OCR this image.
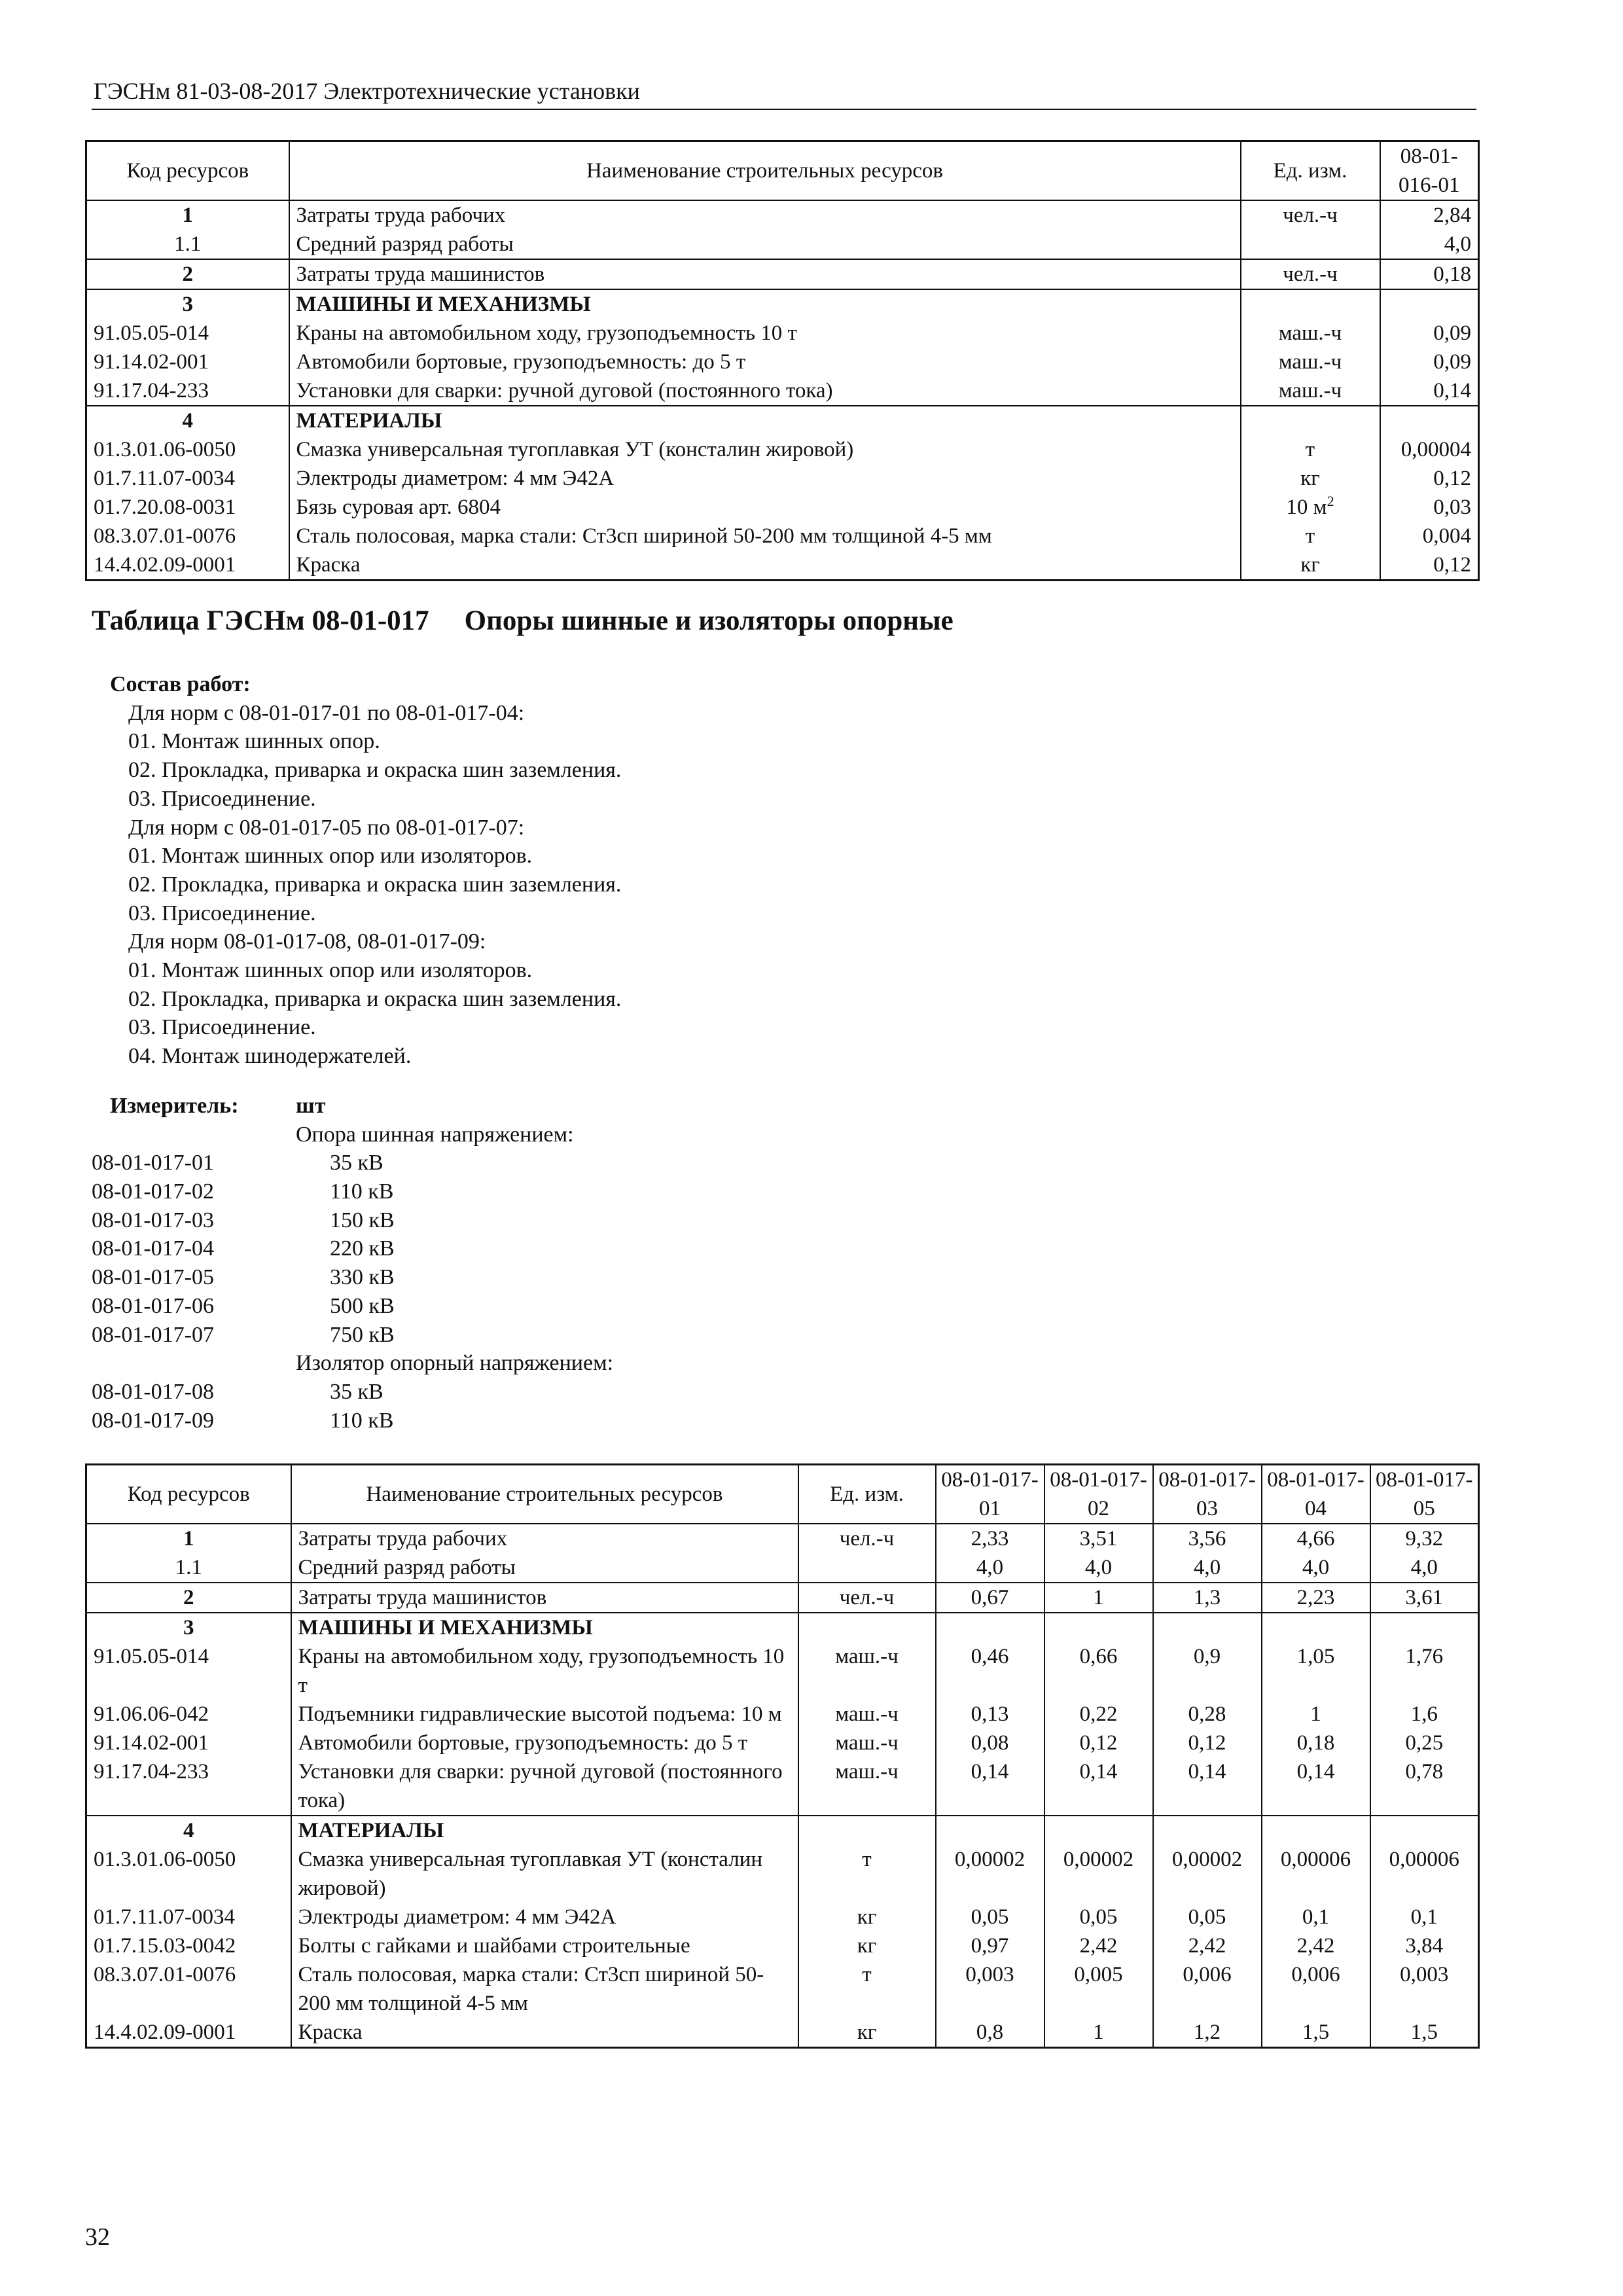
ГЭСНм 81-03-08-2017 Электротехнические установки
Код ресурсов	Наименование строительных ресурсов	Ед. изм.	08-01-016-01
1	Затраты труда рабочих	чел.-ч	2,84
1.1	Средний разряд работы		4,0
2	Затраты труда машинистов	чел.-ч	0,18
3	МАШИНЫ И МЕХАНИЗМЫ		
91.05.05-014	Краны на автомобильном ходу, грузоподъемность 10 т	маш.-ч	0,09
91.14.02-001	Автомобили бортовые, грузоподъемность: до 5 т	маш.-ч	0,09
91.17.04-233	Установки для сварки: ручной дуговой (постоянного тока)	маш.-ч	0,14
4	МАТЕРИАЛЫ		
01.3.01.06-0050	Смазка универсальная тугоплавкая УТ (консталин жировой)	т	0,00004
01.7.11.07-0034	Электроды диаметром: 4 мм Э42А	кг	0,12
01.7.20.08-0031	Бязь суровая арт. 6804	10 $м^2$	0,03
08.3.07.01-0076	Сталь полосовая, марка стали: Ст3сп шириной 50-200 мм толщиной 4-5 мм	т	0,004
14.4.02.09-0001	Краска	кг	0,12
Таблица ГЭСНм 08-01-017 Опоры шинные и изоляторы опорные
Состав работ:
Для норм с 08-01-017-01 по 08-01-017-04:
01. Монтаж шинных опор.
02. Прокладка, приварка и окраска шин заземления.
03. Присоединение.
Для норм с 08-01-017-05 по 08-01-017-07:
01. Монтаж шинных опор или изоляторов.
02. Прокладка, приварка и окраска шин заземления.
03. Присоединение.
Для норм 08-01-017-08, 08-01-017-09:
01. Монтаж шинных опор или изоляторов.
02. Прокладка, приварка и окраска шин заземления.
03. Присоединение.
04. Монтаж шинодержателей.
Измеритель:	шт
Опора шинная напряжением:
08-01-017-01	35 кВ
08-01-017-02	110 кВ
08-01-017-03	150 кВ
08-01-017-04	220 кВ
08-01-017-05	330 кВ
08-01-017-06	500 кВ
08-01-017-07	750 кВ
Изолятор опорный напряжением:
08-01-017-08	35 кВ
08-01-017-09	110 кВ
Код ресурсов	Наименование строительных ресурсов	Ед. изм.	08-01-017-01	08-01-017-02	08-01-017-03	08-01-017-04	08-01-017-05
1	Затраты труда рабочих	чел.-ч	2,33	3,51	3,56	4,66	9,32
1.1	Средний разряд работы		4,0	4,0	4,0	4,0	4,0
2	Затраты труда машинистов	чел.-ч	0,67	1	1,3	2,23	3,61
3	МАШИНЫ И МЕХАНИЗМЫ						
91.05.05-014	Краны на автомобильном ходу, грузоподъемность 10 т	маш.-ч	0,46	0,66	0,9	1,05	1,76
91.06.06-042	Подъемники гидравлические высотой подъема: 10 м	маш.-ч	0,13	0,22	0,28	1	1,6
91.14.02-001	Автомобили бортовые, грузоподъемность: до 5 т	маш.-ч	0,08	0,12	0,12	0,18	0,25
91.17.04-233	Установки для сварки: ручной дуговой (постоянного тока)	маш.-ч	0,14	0,14	0,14	0,14	0,78
4	МАТЕРИАЛЫ						
01.3.01.06-0050	Смазка универсальная тугоплавкая УТ (консталин жировой)	т	0,00002	0,00002	0,00002	0,00006	0,00006
01.7.11.07-0034	Электроды диаметром: 4 мм Э42А	кг	0,05	0,05	0,05	0,1	0,1
01.7.15.03-0042	Болты с гайками и шайбами строительные	кг	0,97	2,42	2,42	2,42	3,84
08.3.07.01-0076	Сталь полосовая, марка стали: Ст3сп шириной 50-200 мм толщиной 4-5 мм	т	0,003	0,005	0,006	0,006	0,003
14.4.02.09-0001	Краска	кг	0,8	1	1,2	1,5	1,5
32
